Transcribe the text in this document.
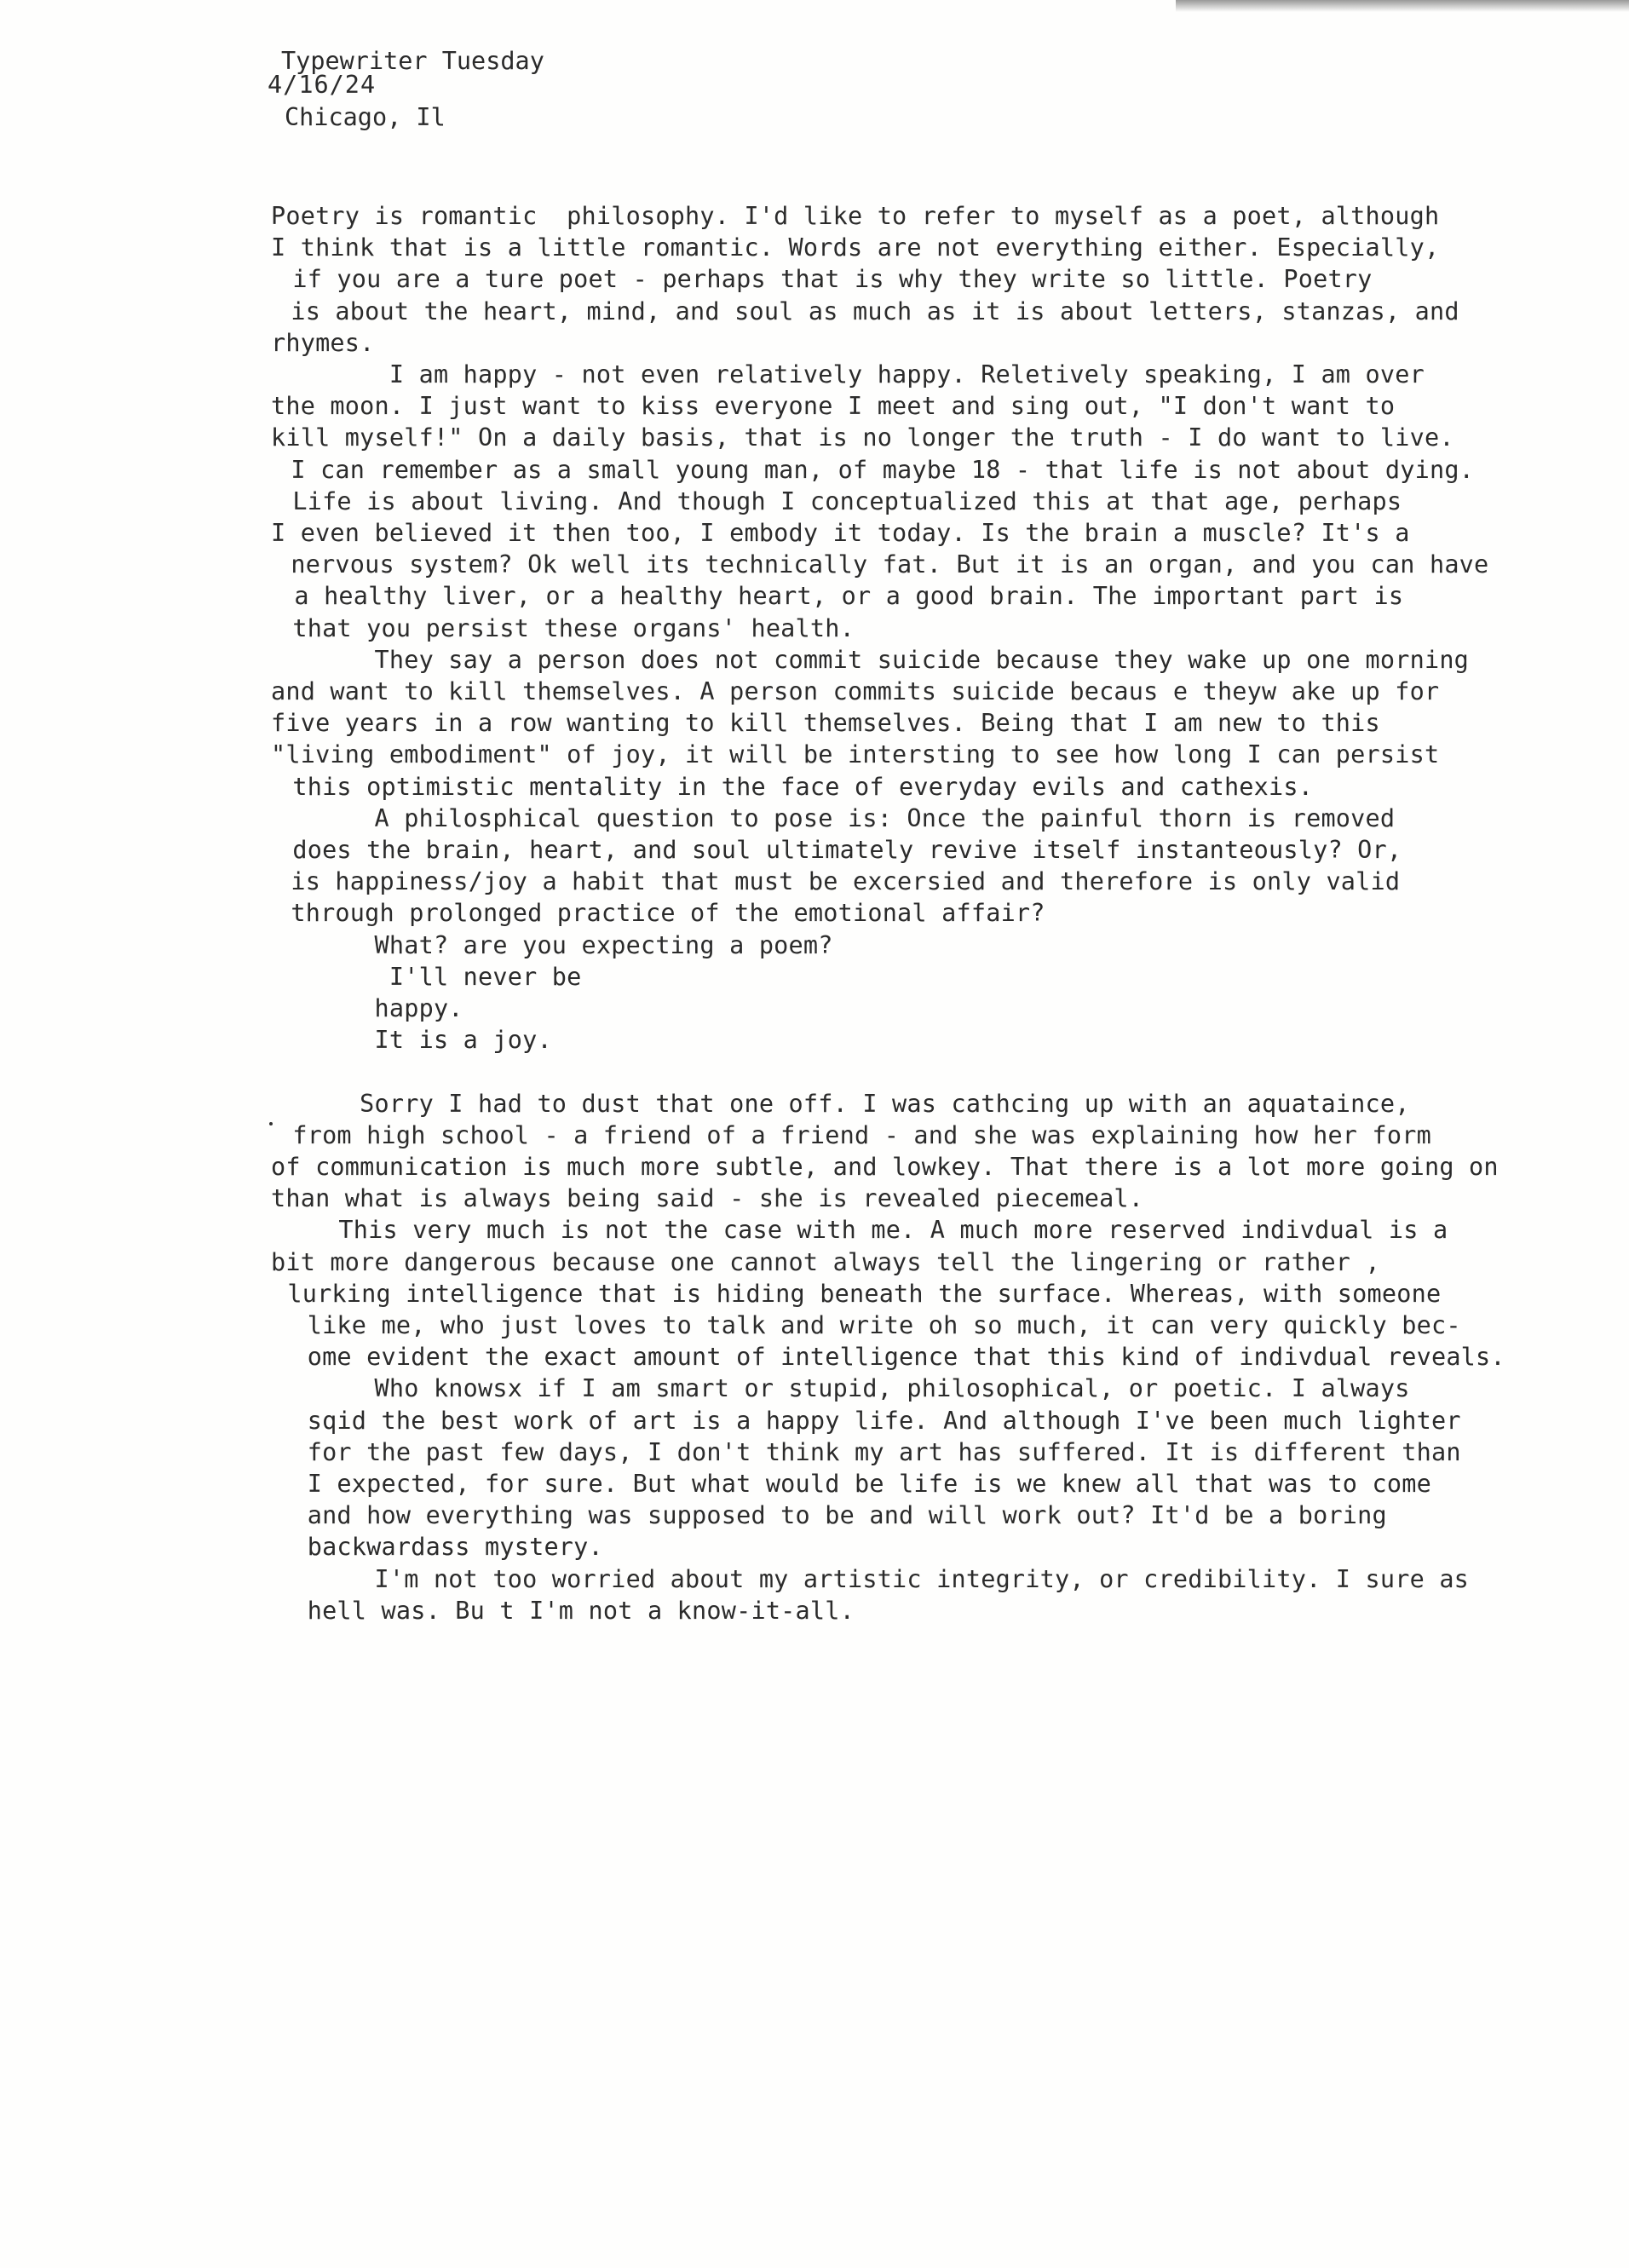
Typewriter Tuesday
4/16/24
Chicago, Il
Poetry is romantic  philosophy. I'd like to refer to myself as a poet, although
I think that is a little romantic. Words are not everything either. Especially,
if you are a ture poet - perhaps that is why they write so little. Poetry
is about the heart, mind, and soul as much as it is about letters, stanzas, and
rhymes.
I am happy - not even relatively happy. Reletively speaking, I am over
the moon. I just want to kiss everyone I meet and sing out, "I don't want to
kill myself!" On a daily basis, that is no longer the truth - I do want to live.
I can remember as a small young man, of maybe 18 - that life is not about dying.
Life is about living. And though I conceptualized this at that age, perhaps
I even believed it then too, I embody it today. Is the brain a muscle? It's a
nervous system? Ok well its technically fat. But it is an organ, and you can have
a healthy liver, or a healthy heart, or a good brain. The important part is
that you persist these organs' health.
They say a person does not commit suicide because they wake up one morning
and want to kill themselves. A person commits suicide becaus e theyw ake up for
five years in a row wanting to kill themselves. Being that I am new to this
"living embodiment" of joy, it will be intersting to see how long I can persist
this optimistic mentality in the face of everyday evils and cathexis.
A philosphical question to pose is: Once the painful thorn is removed
does the brain, heart, and soul ultimately revive itself instanteously? Or,
is happiness/joy a habit that must be excersied and therefore is only valid
through prolonged practice of the emotional affair?
What? are you expecting a poem?
I'll never be
happy.
It is a joy.
Sorry I had to dust that one off. I was cathcing up with an aquataince,
from high school - a friend of a friend - and she was explaining how her form
of communication is much more subtle, and lowkey. That there is a lot more going on
than what is always being said - she is revealed piecemeal.
This very much is not the case with me. A much more reserved indivdual is a
bit more dangerous because one cannot always tell the lingering or rather ,
lurking intelligence that is hiding beneath the surface. Whereas, with someone
like me, who just loves to talk and write oh so much, it can very quickly bec-
ome evident the exact amount of intelligence that this kind of indivdual reveals.
Who knowsx if I am smart or stupid, philosophical, or poetic. I always
sqid the best work of art is a happy life. And although I've been much lighter
for the past few days, I don't think my art has suffered. It is different than
I expected, for sure. But what would be life is we knew all that was to come
and how everything was supposed to be and will work out? It'd be a boring
backwardass mystery.
I'm not too worried about my artistic integrity, or credibility. I sure as
hell was. Bu t I'm not a know-it-all.
